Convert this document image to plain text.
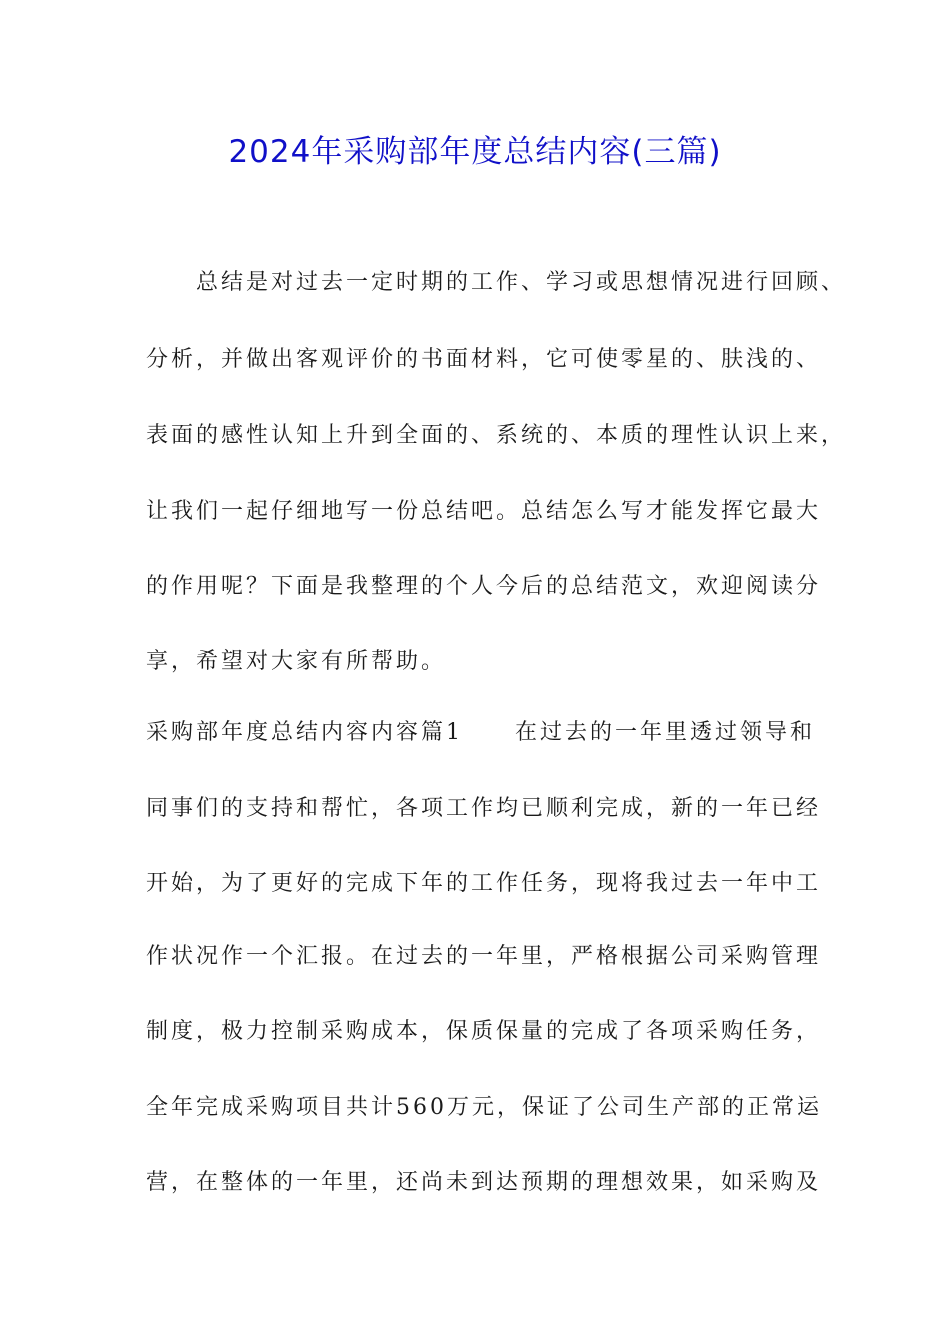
2024年采购部年度总结内容(三篇)
　　总结是对过去一定时期的工作、学习或思想情况进行回顾、
分析，并做出客观评价的书面材料，它可使零星的、肤浅的、
表面的感性认知上升到全面的、系统的、本质的理性认识上来，
让我们一起仔细地写一份总结吧。总结怎么写才能发挥它最大
的作用呢？下面是我整理的个人今后的总结范文，欢迎阅读分
享，希望对大家有所帮助。
采购部年度总结内容内容篇1 在过去的一年里透过领导和
同事们的支持和帮忙，各项工作均已顺利完成，新的一年已经
开始，为了更好的完成下年的工作任务，现将我过去一年中工
作状况作一个汇报。在过去的一年里，严格根据公司采购管理
制度，极力控制采购成本，保质保量的完成了各项采购任务，
全年完成采购项目共计560万元，保证了公司生产部的正常运
营，在整体的一年里，还尚未到达预期的理想效果，如采购及
